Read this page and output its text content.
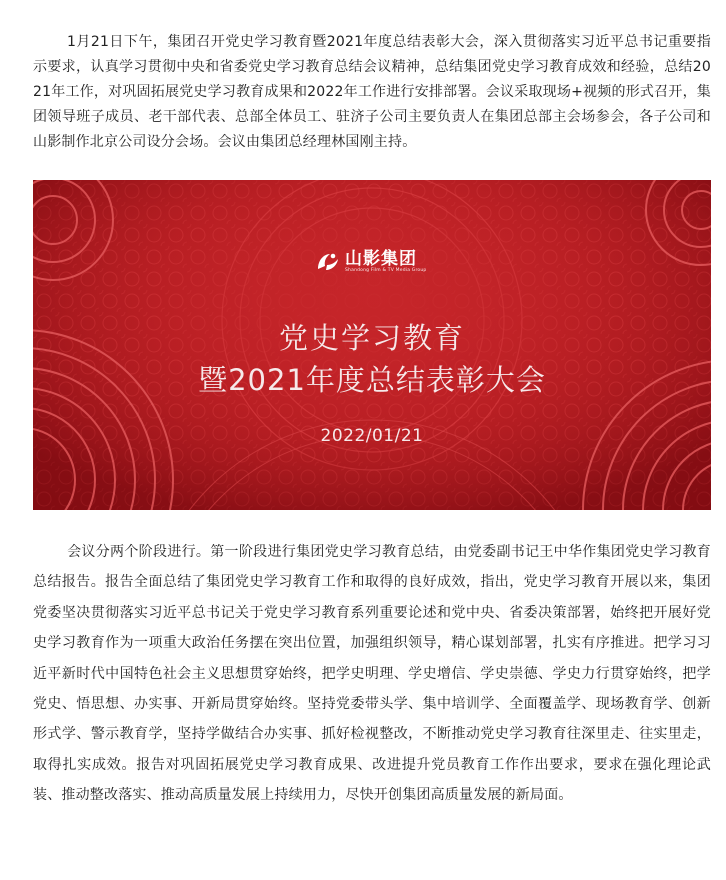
1月21日下午，集团召开党史学习教育暨2021年度总结表彰大会，深入贯彻落实习近平总书记重要指示要求，认真学习贯彻中央和省委党史学习教育总结会议精神，总结集团党史学习教育成效和经验，总结2021年工作，对巩固拓展党史学习教育成果和2022年工作进行安排部署。会议采取现场+视频的形式召开，集团领导班子成员、老干部代表、总部全体员工、驻济子公司主要负责人在集团总部主会场参会，各子公司和山影制作北京公司设分会场。会议由集团总经理林国刚主持。

山影集团
Shandong Film & TV Media Group
党史学习教育
暨2021年度总结表彰大会
2022/01/21

会议分两个阶段进行。第一阶段进行集团党史学习教育总结，由党委副书记王中华作集团党史学习教育总结报告。报告全面总结了集团党史学习教育工作和取得的良好成效，指出，党史学习教育开展以来，集团党委坚决贯彻落实习近平总书记关于党史学习教育系列重要论述和党中央、省委决策部署，始终把开展好党史学习教育作为一项重大政治任务摆在突出位置，加强组织领导，精心谋划部署，扎实有序推进。把学习习近平新时代中国特色社会主义思想贯穿始终，把学史明理、学史增信、学史崇德、学史力行贯穿始终，把学党史、悟思想、办实事、开新局贯穿始终。坚持党委带头学、集中培训学、全面覆盖学、现场教育学、创新形式学、警示教育学，坚持学做结合办实事、抓好检视整改，不断推动党史学习教育往深里走、往实里走，取得扎实成效。报告对巩固拓展党史学习教育成果、改进提升党员教育工作作出要求，要求在强化理论武装、推动整改落实、推动高质量发展上持续用力，尽快开创集团高质量发展的新局面。
